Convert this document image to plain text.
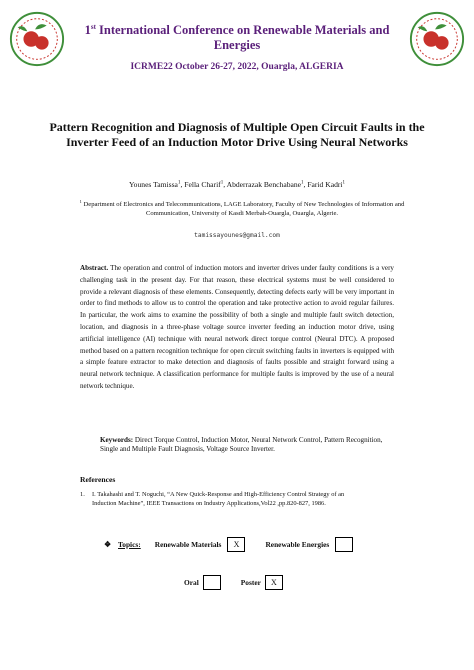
1st International Conference on Renewable Materials and Energies
ICRME22 October 26-27, 2022, Ouargla, ALGERIA
Pattern Recognition and Diagnosis of Multiple Open Circuit Faults in the Inverter Feed of an Induction Motor Drive Using Neural Networks
Younes Tamissa$^1$, Fella Charif$^1$, Abderrazak Benchabane$^1$, Farid Kadri$^1$
$^1$ Department of Electronics and Telecommunications, LAGE Laboratory, Faculty of New Technologies of Information and Communication, University of Kasdi Merbah-Ouargla, Ouargla, Algerie.
tamissayounes@gmail.com
Abstract. The operation and control of induction motors and inverter drives under faulty conditions is a very challenging task in the present day. For that reason, these electrical systems must be well considered to provide a relevant diagnosis of these elements. Consequently, detecting defects early will be very important in order to find methods to allow us to control the operation and take protective action to avoid regular failures. In particular, the work aims to examine the possibility of both a single and multiple fault switch detection, location, and diagnosis in a three-phase voltage source inverter feeding an induction motor drive, using artificial intelligence (AI) technique with neural network direct torque control (Neural DTC). A proposed method based on a pattern recognition technique for open circuit switching faults in inverters is equipped with a simple feature extractor to make detection and diagnosis of faults possible and straight forward using a neural network technique. A classification performance for multiple faults is improved by the use of a neural network technique.
Keywords: Direct Torque Control, Induction Motor, Neural Network Control, Pattern Recognition, Single and Multiple Fault Diagnosis, Voltage Source Inverter.
References
1.	I. Takahashi and T. Noguchi, “A New Quick-Response and High-Efficiency Control Strategy of an Induction Machine”, IEEE Transactions on Industry Applications,Vol22 ,pp.820-827, 1986.
❖ Topics: Renewable Materials	X	Renewable Energies
Oral	Poster	X
